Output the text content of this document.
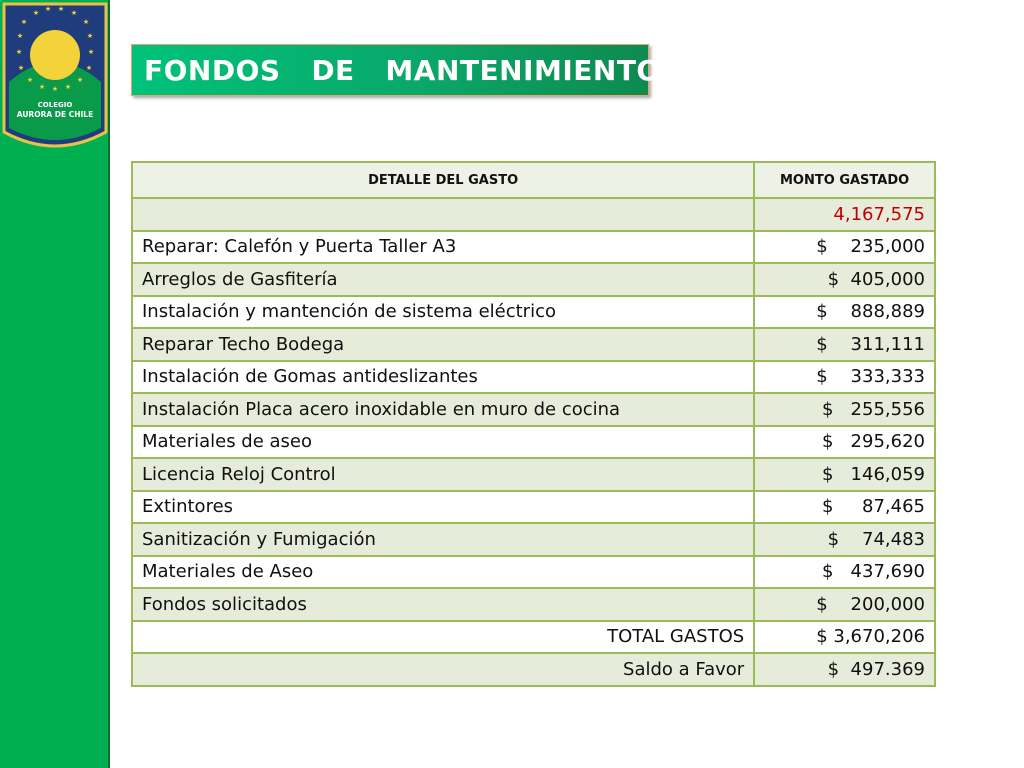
★
★ ★ ★ ★
★
★	★
★	★
★	★
★	★
★ ★ ★
COLEGIO
AURORA DE CHILE
FONDOS   DE   MANTENIMIENTO
DETALLE DEL GASTO	MONTO GASTADO
	4,167,575
Reparar: Calefón y Puerta Taller A3	$    235,000
Arreglos de Gasfitería	$  405,000
Instalación y mantención de sistema eléctrico	$    888,889
Reparar Techo Bodega	$    311,111
Instalación de Gomas antideslizantes	$    333,333
Instalación Placa acero inoxidable en muro de cocina	$   255,556
Materiales de aseo	$   295,620
Licencia Reloj Control	$   146,059
Extintores	$     87,465
Sanitización y Fumigación	$    74,483
Materiales de Aseo	$   437,690
Fondos solicitados	$    200,000
TOTAL GASTOS	$ 3,670,206
Saldo a Favor	$  497.369
